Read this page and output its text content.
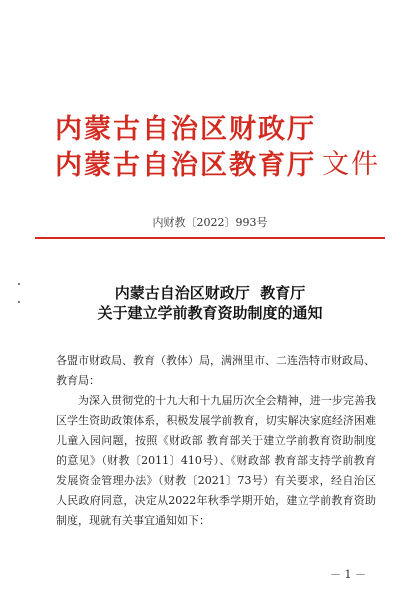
内蒙古自治区财政厅
内蒙古自治区教育厅 文件
内财教〔2022〕993号
内蒙古自治区财政厅  教育厅
关于建立学前教育资助制度的通知
各盟市财政局、教育（教体）局，满洲里市、二连浩特市财政局、教育局：
为深入贯彻党的十九大和十九届历次全会精神，进一步完善我区学生资助政策体系，积极发展学前教育，切实解决家庭经济困难儿童入园问题，按照《财政部 教育部关于建立学前教育资助制度的意见》（财教〔2011〕410号）、《财政部 教育部支持学前教育发展资金管理办法》（财教〔2021〕73号）有关要求，经自治区人民政府同意，决定从2022年秋季学期开始，建立学前教育资助制度，现就有关事宜通知如下：
－ 1 －
